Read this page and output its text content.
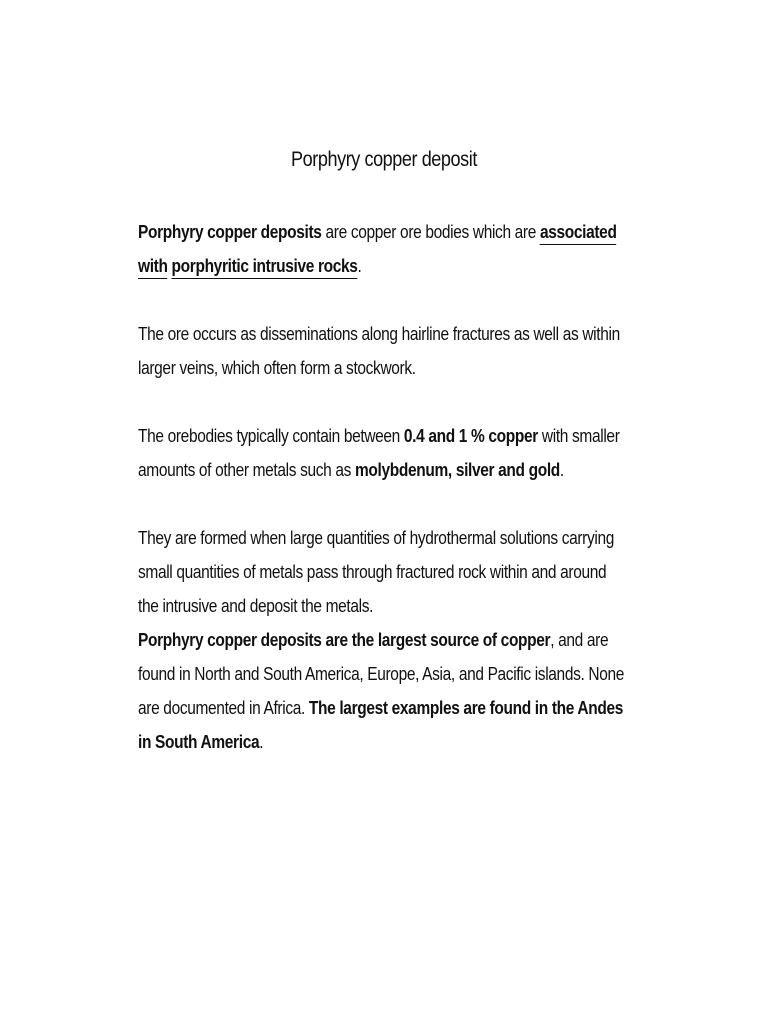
Porphyry copper deposit

Porphyry copper deposits are copper ore bodies which are associated with porphyritic intrusive rocks.

The ore occurs as disseminations along hairline fractures as well as within larger veins, which often form a stockwork.

The orebodies typically contain between 0.4 and 1 % copper with smaller amounts of other metals such as molybdenum, silver and gold.

They are formed when large quantities of hydrothermal solutions carrying small quantities of metals pass through fractured rock within and around the intrusive and deposit the metals.

Porphyry copper deposits are the largest source of copper, and are found in North and South America, Europe, Asia, and Pacific islands. None are documented in Africa. The largest examples are found in the Andes in South America.
